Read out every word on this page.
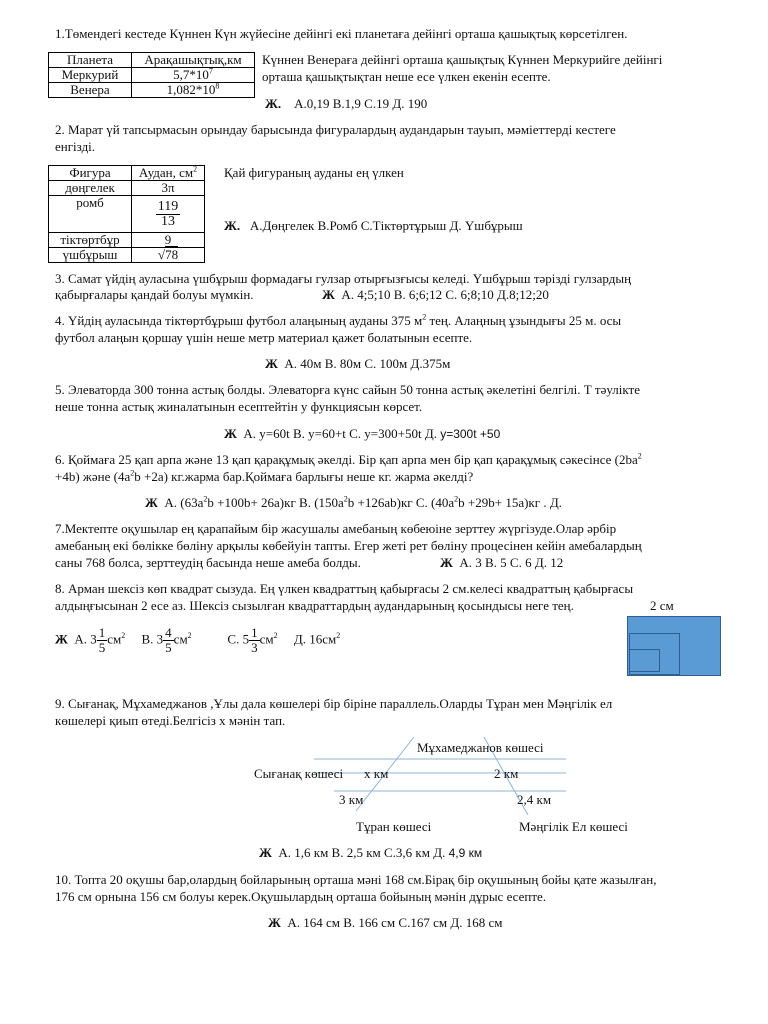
1.Төмендегі кестеде Күннен Күн жүйесіне дейінгі екі планетаға дейінгі орташа қашықтық көрсетілген.
Планета	Арақашықтық,км
Меркурий	$5,7*10^7$
Венера	$1,082*10^8$
Күннен Венераға дейінгі орташа қашықтық Күннен Меркурийге дейінгі
орташа қашықтықтан неше есе үлкен екенін есепте.
Ж. А.0,19 В.1,9 С.19 Д. 190
2. Марат үй тапсырмасын орындау барысында фигуралардың аудандарын тауып, мәміеттерді кестеге
енгізді.
Фигура	Аудан, $см^2$
дөңгелек	3π
ромб	$\frac{119}{13}$

тіктөртбұр	9
үшбұрыш	√78
Қай фигураның ауданы ең үлкен
Ж. А.Дөңгелек В.Ромб С.Тіктөртұрыш Д. Үшбұрыш
3. Самат үйдің ауласына үшбұрыш формадағы гулзар отырғызғысы келеді. Үшбұрыш тәрізді гулзардың
қабырғалары қандай болуы мүмкін.	Ж А. 4;5;10 В. 6;6;12 С. 6;8;10 Д.8;12;20
4. Үйдің ауласында тіктөртбұрыш футбол алаңының ауданы 375 $м^2$ тең. Алаңның ұзындығы 25 м. осы
футбол алаңын қоршау үшін неше метр материал қажет болатынын есепте.
Ж А. 40м В. 80м С. 100м Д.375м
5. Элеваторда 300 тонна астық болды. Элеваторға күнс сайын 50 тонна астық әкелетіні белгілі. Т тәулікте
неше тонна астық жиналатынын есептейтін у функциясын көрсет.
Ж А. у=60t В. у=60+t С. у=300+50t Д. у=300t +50
6. Қоймаға 25 қап арпа және 13 қап қарақұмық әкелді. Бір қап арпа мен бір қап қарақұмық сәкесінсе ($2ba^2$
+4b) және $(4a^2b +2a)$ кг.жарма бар.Қоймаға барлығы неше кг. жарма әкелді?
Ж А. $(63a^2b +100b+ 26a)кг$ В. $(150a^2b +126ab)кг$ С. $(40a^2b +29b+ 15a)кг$ . Д.
7.Мектепте оқушылар ең қарапайым бір жасушалы амебаның көбеюіне зерттеу жүргізуде.Олар әрбір
амебаның екі бөлікке бөліну арқылы көбейуін тапты. Егер жеті рет бөліну процесінен кейін амебалардың
саны 768 болса, зерттеудің басында неше амеба болды.	Ж А. 3 В. 5 С. 6 Д. 12
8. Арман шексіз көп квадрат сызуда. Ең үлкен квадраттың қабырғасы 2 см.келесі квадраттың қабырғасы
алдыңғысынан 2 есе аз. Шексіз сызылған квадраттардың аудандарының қосындысы неге тең.	2 см
Ж А. $3 \frac{1}{5} см^2$ В. $3 \frac{4}{5} см^2$	С. $5 \frac{1}{3} см^2$ Д. $16см^2$
9. Сығанақ, Мұхамеджанов ,Ұлы дала көшелері бір біріне параллель.Оларды Тұран мен Мәңгілік ел
көшелері қиып өтеді.Белгісіз х мәнін тап.
Мұхамеджанов көшесі
Сығанақ көшесі х км	2 км
3 км	2,4 км
Тұран көшесі	Мәңгілік Ел көшесі
Ж А. 1,6 км В. 2,5 км С.3,6 км Д. 4,9 км
10. Топта 20 оқушы бар,олардың бойларының орташа мәні 168 см.Бірақ бір оқушының бойы қате жазылған,
176 см орнына 156 см болуы керек.Оқушылардың орташа бойының мәнін дұрыс есепте.
Ж А. 164 см В. 166 см С.167 см Д. 168 см
